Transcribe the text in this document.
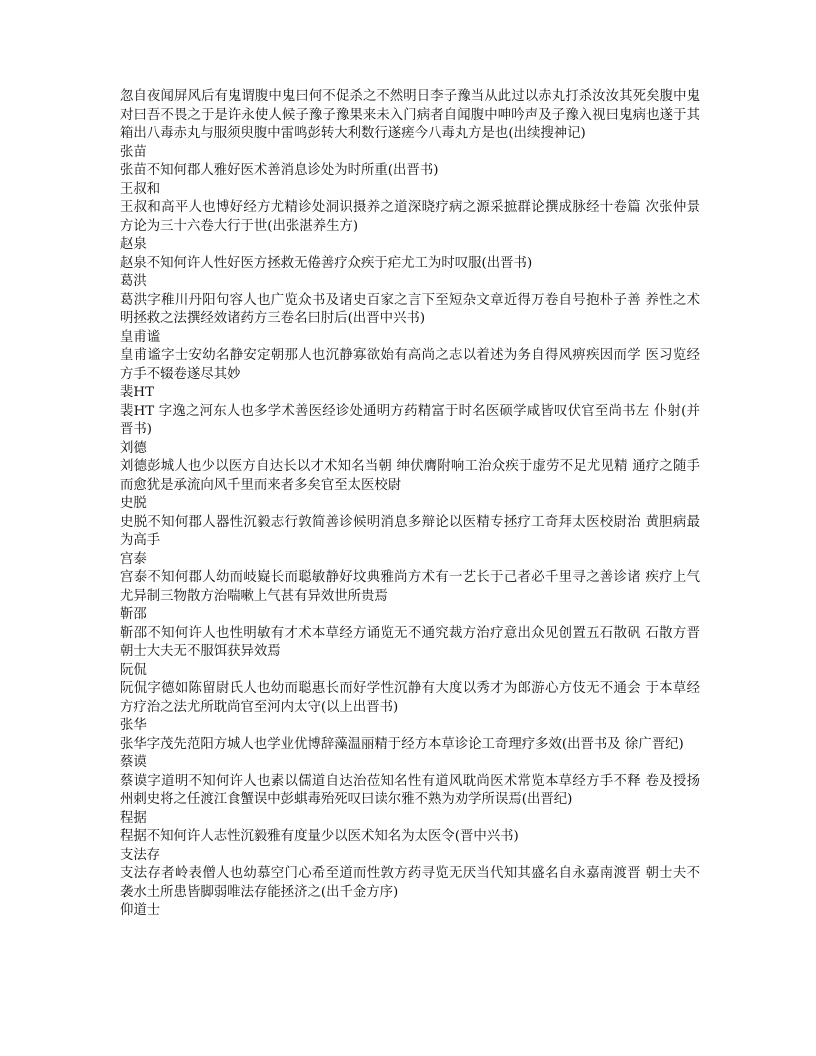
忽自夜闻屏风后有鬼谓腹中鬼曰何不促杀之不然明日李子豫当从此过以赤丸打杀汝汝其死矣腹中鬼对曰吾不畏之于是许永使人候子豫子豫果来未入门病者自闻腹中呻吟声及子豫入视曰鬼病也遂于其箱出八毒赤丸与服须臾腹中雷鸣彭转大利数行遂瘥今八毒丸方是也(出续搜神记)
张苗
张苗不知何郡人雅好医术善消息诊处为时所重(出晋书)
王叔和
王叔和高平人也博好经方尤精诊处洞识摄养之道深晓疗病之源采摭群论撰成脉经十卷篇 次张仲景方论为三十六卷大行于世(出张湛养生方)
赵泉
赵泉不知何许人性好医方拯救无倦善疗众疾于疟尤工为时叹服(出晋书)
葛洪
葛洪字稚川丹阳句容人也广览众书及诸史百家之言下至短杂文章近得万卷自号抱朴子善 养性之术明拯救之法撰经效诸药方三卷名曰肘后(出晋中兴书)
皇甫谧
皇甫谧字士安幼名静安定朝那人也沉静寡欲始有高尚之志以着述为务自得风痹疾因而学 医习览经方手不辍卷遂尽其妙
裴HT
裴HT 字逸之河东人也多学术善医经诊处通明方药精富于时名医硕学咸皆叹伏官至尚书左 仆射(并晋书)
刘德
刘德彭城人也少以医方自达长以才术知名当朝 绅伏膺附响工治众疾于虚劳不足尤见精 通疗之随手而愈犹是承流向风千里而来者多矣官至太医校尉
史脱
史脱不知何郡人器性沉毅志行敦简善诊候明消息多辩论以医精专拯疗工奇拜太医校尉治 黄胆病最为高手
宫泰
宫泰不知何郡人幼而岐嶷长而聪敏静好坟典雅尚方术有一艺长于己者必千里寻之善诊诸 疾疗上气尤异制三物散方治喘嗽上气甚有异效世所贵焉
靳邵
靳邵不知何许人也性明敏有才术本草经方诵览无不通究裁方治疗意出众见创置五石散矾 石散方晋朝士大夫无不服饵获异效焉
阮侃
阮侃字德如陈留尉氏人也幼而聪惠长而好学性沉静有大度以秀才为郎游心方伎无不通会 于本草经方疗治之法尤所耽尚官至河内太守(以上出晋书)
张华
张华字茂先范阳方城人也学业优博辞藻温丽精于经方本草诊论工奇理疗多效(出晋书及 徐广晋纪)
蔡谟
蔡谟字道明不知何许人也素以儒道自达治莅知名性有道风耽尚医术常览本草经方手不释 卷及授扬州刺史将之任渡江食蟹误中彭蜞毒殆死叹曰读尔雅不熟为劝学所误焉(出晋纪)
程据
程据不知何许人志性沉毅雅有度量少以医术知名为太医令(晋中兴书)
支法存
支法存者岭表僧人也幼慕空门心希至道而性敦方药寻览无厌当代知其盛名自永嘉南渡晋 朝士夫不袭水土所患皆脚弱唯法存能拯济之(出千金方序)
仰道士
